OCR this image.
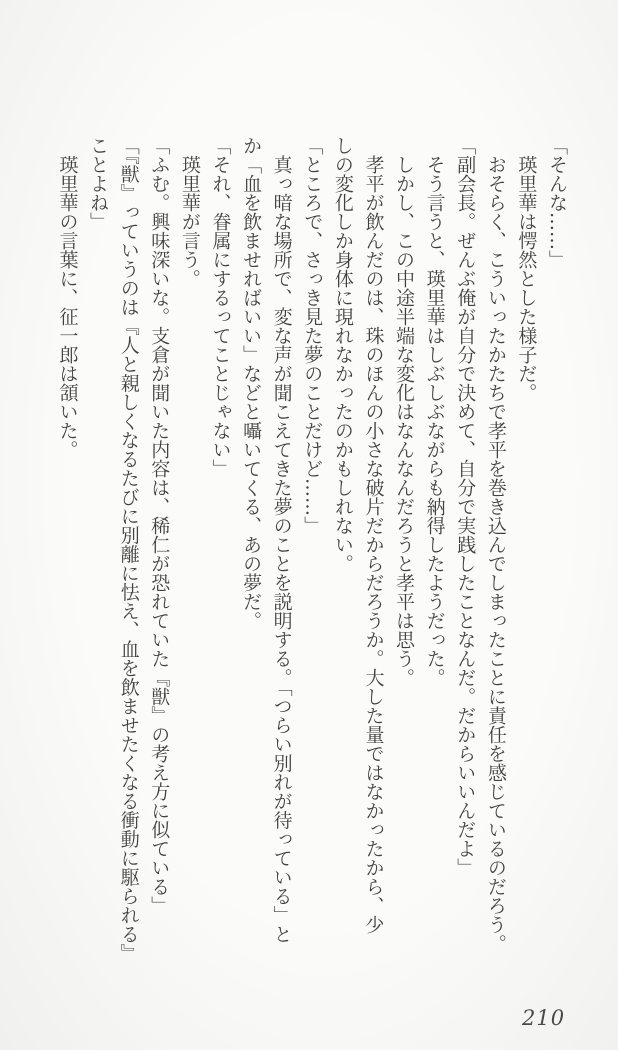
「そんな……」
　瑛里華は愕然とした様子だ。
　おそらく、こういったかたちで孝平を巻き込んでしまったことに責任を感じているのだろう。
「副会長。ぜんぶ俺が自分で決めて、自分で実践したことなんだ。だからいいんだよ」
　そう言うと、瑛里華はしぶしぶながらも納得したようだった。
　しかし、この中途半端な変化はなんなんだろうと孝平は思う。
　孝平が飲んだのは、珠のほんの小さな破片だからだろうか。大した量ではなかったから、少
しの変化しか身体に現れなかったのかもしれない。
「ところで、さっき見た夢のことだけど……」
　真っ暗な場所で、変な声が聞こえてきた夢のことを説明する。「つらい別れが待っている」と
か「血を飲ませればいい」などと囁いてくる、あの夢だ。
「それ、眷属にするってことじゃない」
　瑛里華が言う。
「ふむ。興味深いな。支倉が聞いた内容は、稀仁が恐れていた『獣』の考え方に似ている」
「『獣』っていうのは『人と親しくなるたびに別離に怯え、血を飲ませたくなる衝動に駆られる』
ことよね」
　瑛里華の言葉に、征一郎は頷いた。
210
